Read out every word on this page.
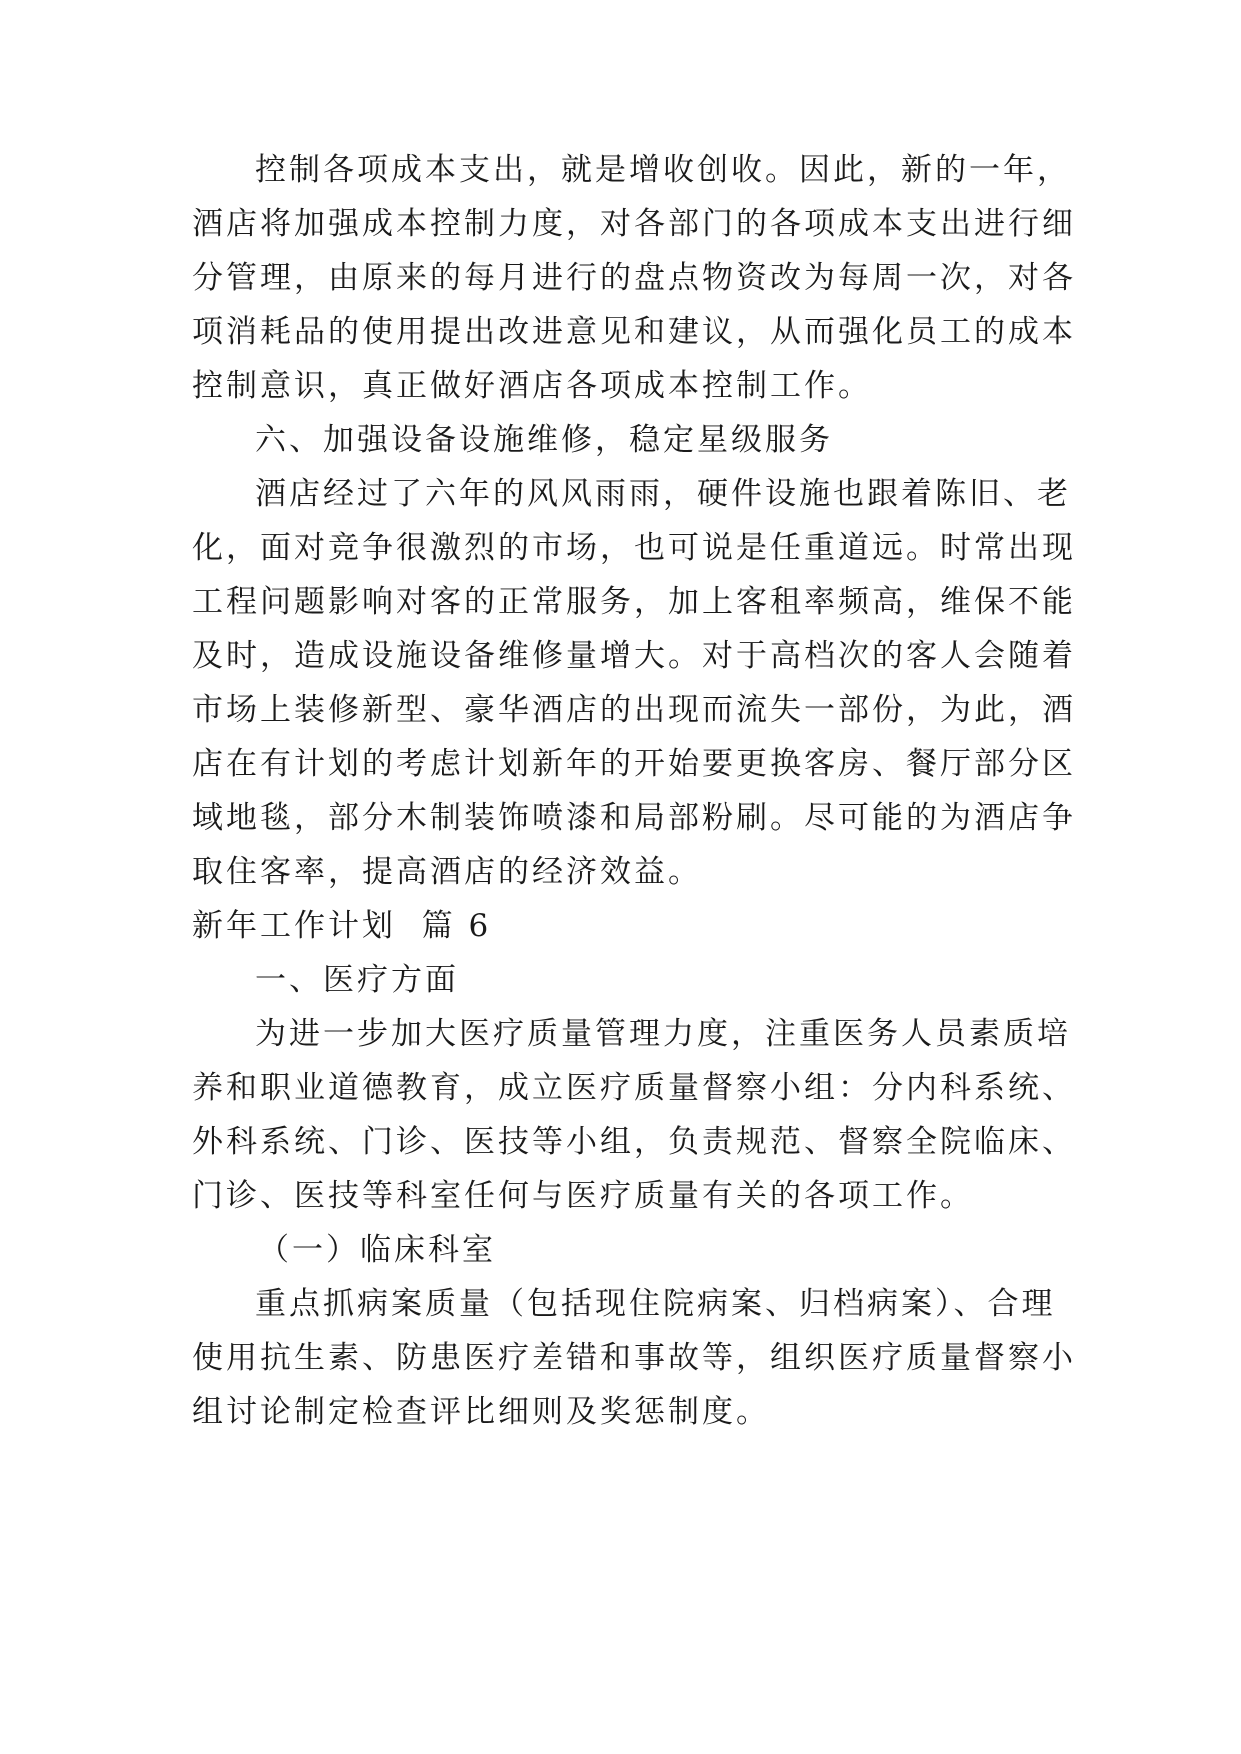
控制各项成本支出，就是增收创收。因此，新的一年，
酒店将加强成本控制力度，对各部门的各项成本支出进行细
分管理，由原来的每月进行的盘点物资改为每周一次，对各
项消耗品的使用提出改进意见和建议，从而强化员工的成本
控制意识，真正做好酒店各项成本控制工作。
六、加强设备设施维修，稳定星级服务
酒店经过了六年的风风雨雨，硬件设施也跟着陈旧、老
化，面对竞争很激烈的市场，也可说是任重道远。时常出现
工程问题影响对客的正常服务，加上客租率频高，维保不能
及时，造成设施设备维修量增大。对于高档次的客人会随着
市场上装修新型、豪华酒店的出现而流失一部份，为此，酒
店在有计划的考虑计划新年的开始要更换客房、餐厅部分区
域地毯，部分木制装饰喷漆和局部粉刷。尽可能的为酒店争
取住客率，提高酒店的经济效益。
新年工作计划  篇 6
一、医疗方面
为进一步加大医疗质量管理力度，注重医务人员素质培
养和职业道德教育，成立医疗质量督察小组：分内科系统、
外科系统、门诊、医技等小组，负责规范、督察全院临床、
门诊、医技等科室任何与医疗质量有关的各项工作。
（一）临床科室
重点抓病案质量（包括现住院病案、归档病案）、合理
使用抗生素、防患医疗差错和事故等，组织医疗质量督察小
组讨论制定检查评比细则及奖惩制度。
